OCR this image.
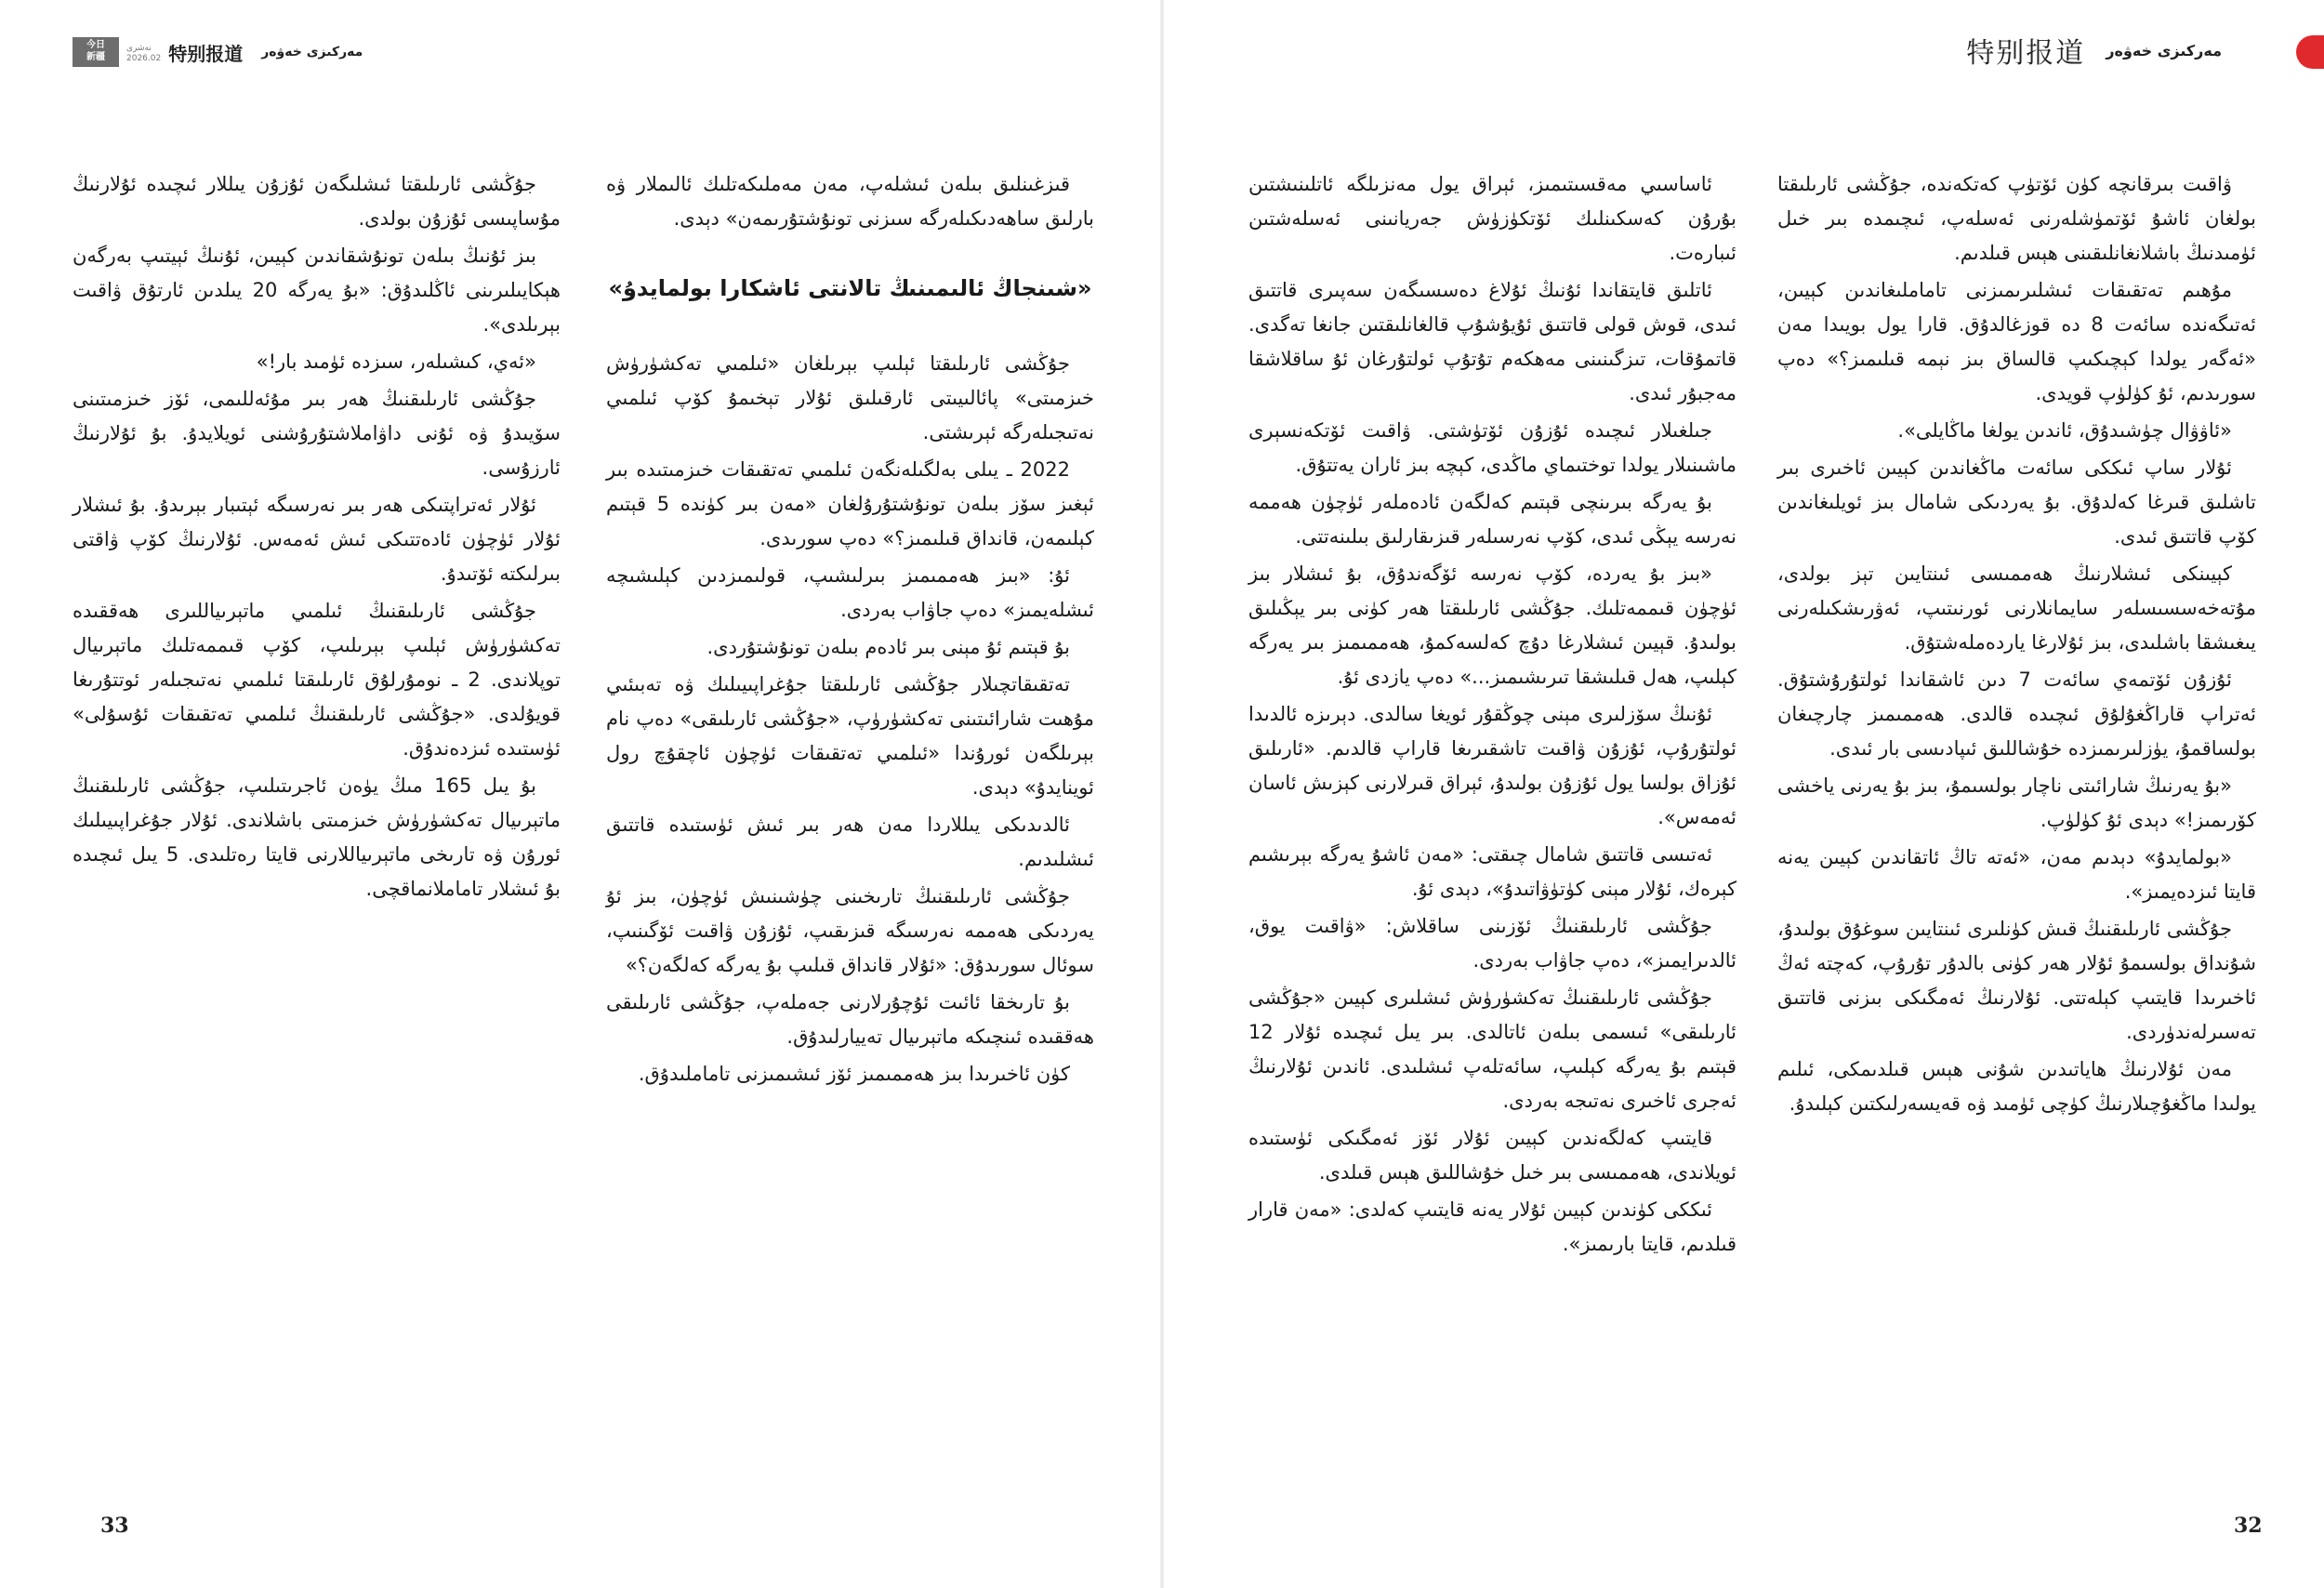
今日
新疆
نەشرى
2026.02 特别报道 مەركىزى خەۋەر

جۇڭشى ئارىلىقتا ئىشلىگەن ئۇزۇن يىللار ئىچىدە ئۇلارنىڭ مۇساپىسى ئۇزۇن بولدى.

بىز ئۇنىڭ بىلەن تونۇشقاندىن كېيىن، ئۇنىڭ ئېيتىپ بەرگەن ھېكايىلىرىنى ئاڭلىدۇق: «بۇ يەرگە 20 يىلدىن ئارتۇق ۋاقىت بېرىلدى».

«ئەي، كىشىلەر، سىزدە ئۈمىد بار!»

جۇڭشى ئارىلىقنىڭ ھەر بىر مۇئەللىمى، ئۆز خىزمىتىنى سۆيىدۇ ۋە ئۇنى داۋاملاشتۇرۇشنى ئويلايدۇ. بۇ ئۇلارنىڭ ئارزۇسى.

ئۇلار ئەتراپتىكى ھەر بىر نەرسىگە ئېتىبار بېرىدۇ. بۇ ئىشلار ئۇلار ئۈچۈن ئادەتتىكى ئىش ئەمەس. ئۇلارنىڭ كۆپ ۋاقتى بىرلىكتە ئۆتىدۇ.

جۇڭشى ئارىلىقنىڭ ئىلمىي ماتېرىياللىرى ھەققىدە تەكشۈرۈش ئېلىپ بېرىلىپ، كۆپ قىممەتلىك ماتېرىيال توپلاندى. 2 ـ نومۇرلۇق ئارىلىقتا ئىلمىي نەتىجىلەر ئوتتۇرىغا قويۇلدى. «جۇڭشى ئارىلىقنىڭ ئىلمىي تەتقىقات ئۇسۇلى» ئۈستىدە ئىزدەندۇق.

بۇ يىل 165 مىڭ يۈەن ئاجرىتىلىپ، جۇڭشى ئارىلىقنىڭ ماتېرىيال تەكشۈرۈش خىزمىتى باشلاندى. ئۇلار جۇغراپىيىلىك ئورۇن ۋە تارىخى ماتېرىياللارنى قايتا رەتلىدى. 5 يىل ئىچىدە بۇ ئىشلار تاماملانماقچى.

قىزغىنلىق بىلەن ئىشلەپ، مەن مەملىكەتلىك ئالىملار ۋە بارلىق ساھەدىكىلەرگە سىزنى تونۇشتۇرىمەن» دېدى.

«شىنجاڭ ئالىمىنىڭ تالانتى ئاشكارا بولمايدۇ»

جۇڭشى ئارىلىقتا ئېلىپ بېرىلغان «ئىلمىي تەكشۈرۈش خىزمىتى» پائالىيىتى ئارقىلىق ئۇلار تېخىمۇ كۆپ ئىلمىي نەتىجىلەرگە ئېرىشتى.

2022 ـ يىلى بەلگىلەنگەن ئىلمىي تەتقىقات خىزمىتىدە بىر ئېغىز سۆز بىلەن تونۇشتۇرۇلغان «مەن بىر كۈندە 5 قېتىم كېلىمەن، قانداق قىلىمىز؟» دەپ سورىدى.

ئۇ: «بىز ھەممىمىز بىرلىشىپ، قولىمىزدىن كېلىشىچە ئىشلەيمىز» دەپ جاۋاب بەردى.

بۇ قېتىم ئۇ مېنى بىر ئادەم بىلەن تونۇشتۇردى.

تەتقىقاتچىلار جۇڭشى ئارىلىقتا جۇغراپىيىلىك ۋە تەبىئىي مۇھىت شارائىتىنى تەكشۈرۈپ، «جۇڭشى ئارىلىقى» دەپ نام بېرىلگەن ئورۇندا «ئىلمىي تەتقىقات ئۈچۈن ئاچقۇچ رول ئوينايدۇ» دېدى.

ئالدىدىكى يىللاردا مەن ھەر بىر ئىش ئۈستىدە قاتتىق ئىشلىدىم.

جۇڭشى ئارىلىقنىڭ تارىخىنى چۈشىنىش ئۈچۈن، بىز ئۇ يەردىكى ھەممە نەرسىگە قىزىقىپ، ئۇزۇن ۋاقىت ئۆگىنىپ، سوئال سورىدۇق: «ئۇلار قانداق قىلىپ بۇ يەرگە كەلگەن؟»

بۇ تارىخقا ئائىت ئۇچۇرلارنى جەملەپ، جۇڭشى ئارىلىقى ھەققىدە ئىنچىكە ماتېرىيال تەييارلىدۇق.

كۈن ئاخىرىدا بىز ھەممىمىز ئۆز ئىشىمىزنى تاماملىدۇق.

33
特别报道 مەركىزى خەۋەر

ئاساسىي مەقسىتىمىز، ئېراق يول مەنزىلگە ئاتلىنىشتىن بۇرۇن كەسكىنلىك ئۆتكۈزۈش جەريانىنى ئەسلەشتىن ئىبارەت.

ئاتلىق قايتقاندا ئۇنىڭ ئۇلاغ دەسسىگەن سەپىرى قاتتىق ئىدى، قوش قولى قاتتىق ئۇيۇشۇپ قالغانلىقتىن جانغا تەگدى. قاتمۇقات، تىزگىنىنى مەھكەم تۇتۇپ ئولتۇرغان ئۇ ساقلاشقا مەجبۇر ئىدى.

جىلغىلار ئىچىدە ئۇزۇن ئۆتۈشتى. ۋاقىت ئۆتكەنسېرى ماشىنىلار يولدا توختىماي ماڭدى، كېچە بىز ئاران يەتتۇق.

بۇ يەرگە بىرىنچى قېتىم كەلگەن ئادەملەر ئۈچۈن ھەممە نەرسە يېڭى ئىدى، كۆپ نەرسىلەر قىزىقارلىق بىلىنەتتى.

«بىز بۇ يەردە، كۆپ نەرسە ئۆگەندۇق، بۇ ئىشلار بىز ئۈچۈن قىممەتلىك. جۇڭشى ئارىلىقتا ھەر كۈنى بىر يېڭىلىق بولىدۇ. قېيىن ئىشلارغا دۇچ كەلسەكمۇ، ھەممىمىز بىر يەرگە كېلىپ، ھەل قىلىشقا تىرىشىمىز...» دەپ يازدى ئۇ.

ئۇنىڭ سۆزلىرى مېنى چوڭقۇر ئويغا سالدى. دېرىزە ئالدىدا ئولتۇرۇپ، ئۇزۇن ۋاقىت تاشقىرىغا قاراپ قالدىم. «ئارىلىق ئۇزاق بولسا يول ئۇزۇن بولىدۇ، ئېراق قىرلارنى كېزىش ئاسان ئەمەس».

ئەتىسى قاتتىق شامال چىقتى: «مەن ئاشۇ يەرگە بېرىشىم كېرەك، ئۇلار مېنى كۈتۈۋاتىدۇ»، دېدى ئۇ.

جۇڭشى ئارىلىقنىڭ ئۆزىنى ساقلاش: «ۋاقىت يوق، ئالدىرايمىز»، دەپ جاۋاب بەردى.

جۇڭشى ئارىلىقنىڭ تەكشۈرۈش ئىشلىرى كېيىن «جۇڭشى ئارىلىقى» ئىسمى بىلەن ئاتالدى. بىر يىل ئىچىدە ئۇلار 12 قېتىم بۇ يەرگە كېلىپ، سائەتلەپ ئىشلىدى. ئاندىن ئۇلارنىڭ ئەجرى ئاخىرى نەتىجە بەردى.

قايتىپ كەلگەندىن كېيىن ئۇلار ئۆز ئەمگىكى ئۈستىدە ئويلاندى، ھەممىسى بىر خىل خۇشاللىق ھېس قىلدى.

ئىككى كۈندىن كېيىن ئۇلار يەنە قايتىپ كەلدى: «مەن قارار قىلدىم، قايتا بارىمىز».

ۋاقىت بىرقانچە كۈن ئۆتۈپ كەتكەندە، جۇڭشى ئارىلىقتا بولغان ئاشۇ ئۆتمۈشلەرنى ئەسلەپ، ئىچىمدە بىر خىل ئۈمىدنىڭ باشلانغانلىقىنى ھېس قىلدىم.

مۇھىم تەتقىقات ئىشلىرىمىزنى تاماملىغاندىن كېيىن، ئەتىگەندە سائەت 8 دە قوزغالدۇق. قارا يول بويىدا مەن «ئەگەر يولدا كېچىكىپ قالساق بىز نېمە قىلىمىز؟» دەپ سورىدىم، ئۇ كۈلۈپ قويدى.

«ئاۋۋال چۈشىدۇق، ئاندىن يولغا ماڭايلى».

ئۇلار ساپ ئىككى سائەت ماڭغاندىن كېيىن ئاخىرى بىر تاشلىق قىرغا كەلدۇق. بۇ يەردىكى شامال بىز ئويلىغاندىن كۆپ قاتتىق ئىدى.

كېيىنكى ئىشلارنىڭ ھەممىسى ئىنتايىن تېز بولدى، مۇتەخەسسىسلەر سايمانلارنى ئورنىتىپ، ئەۋرىشكىلەرنى يىغىشقا باشلىدى، بىز ئۇلارغا ياردەملەشتۇق.

ئۇزۇن ئۆتمەي سائەت 7 دىن ئاشقاندا ئولتۇرۇشتۇق. ئەتراپ قاراڭغۇلۇق ئىچىدە قالدى. ھەممىمىز چارچىغان بولساقمۇ، يۈزلىرىمىزدە خۇشاللىق ئىپادىسى بار ئىدى.

«بۇ يەرنىڭ شارائىتى ناچار بولسىمۇ، بىز بۇ يەرنى ياخشى كۆرىمىز!» دېدى ئۇ كۈلۈپ.

«بولمايدۇ» دېدىم مەن، «ئەتە تاڭ ئاتقاندىن كېيىن يەنە قايتا ئىزدەيمىز».

جۇڭشى ئارىلىقنىڭ قىش كۈنلىرى ئىنتايىن سوغۇق بولىدۇ، شۇنداق بولسىمۇ ئۇلار ھەر كۈنى بالدۇر تۇرۇپ، كەچتە ئەڭ ئاخىرىدا قايتىپ كېلەتتى. ئۇلارنىڭ ئەمگىكى بىزنى قاتتىق تەسىرلەندۈردى.

مەن ئۇلارنىڭ ھاياتىدىن شۇنى ھېس قىلدىمكى، ئىلىم يولىدا ماڭغۇچىلارنىڭ كۈچى ئۈمىد ۋە قەيسەرلىكتىن كېلىدۇ.

32
